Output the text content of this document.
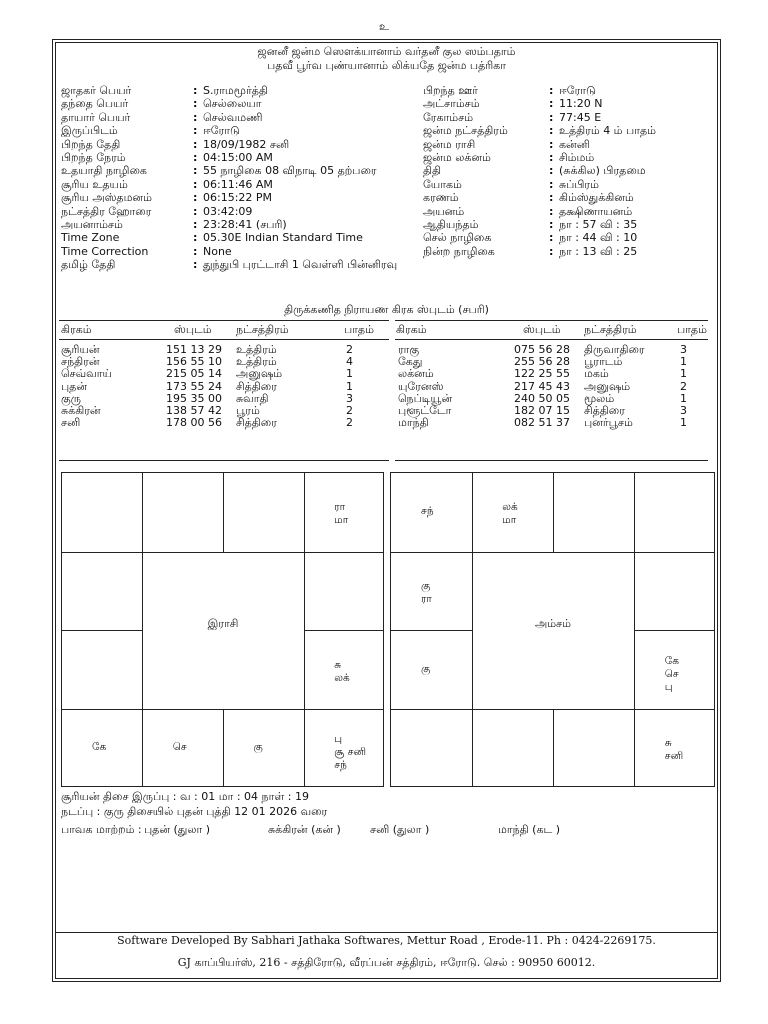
உ
ஜனனீ ஜன்ம ஸௌக்யானாம் வர்தனீ குல ஸம்பதாம்
பதவீ பூர்வ புண்யானாம் லிக்யதே ஜன்ம பத்ரிகா
ஜாதகர் பெயர்	: S.ராமமூர்த்தி
தந்தை பெயர்	: செல்லையா
தாயார் பெயர்	: செல்வமணி
இருப்பிடம்	: ஈரோடு
பிறந்த தேதி	: 18/09/1982 சனி
பிறந்த நேரம்	: 04:15:00 AM
உதயாதி நாழிகை	: 55 நாழிகை 08 விநாடி 05 தற்பரை
சூரிய உதயம்	: 06:11:46 AM
சூரிய அஸ்தமனம்	: 06:15:22 PM
நட்சத்திர ஹோரை	: 03:42:09
அயனாம்சம்	: 23:28:41 (சபரி)
Time Zone	: 05.30E Indian Standard Time
Time Correction	: None
தமிழ் தேதி	: துந்துபி புரட்டாசி 1 வெள்ளி பின்னிரவு
பிறந்த ஊர்	: ஈரோடு
அட்சாம்சம்	: 11:20 N
ரேகாம்சம்	: 77:45 E
ஜன்ம நட்சத்திரம்	: உத்திரம் 4 ம் பாதம்
ஜன்ம ராசி	: கன்னி
ஜன்ம லக்னம்	: சிம்மம்
திதி	: (சுக்கில) பிரதமை
யோகம்	: சுப்பிரம்
கரணம்	: கிம்ஸ்துக்கினம்
அயனம்	: தக்ஷிணாயனம்
ஆதியந்தம்	: நா : 57 வி : 35
செல் நாழிகை	: நா : 44 வி : 10
நின்ற நாழிகை	: நா : 13 வி : 25
திருக்கணித நிராயண கிரக ஸ்புடம் (சபரி)
கிரகம்	ஸ்புடம் நட்சத்திரம்	பாதம் கிரகம்	ஸ்புடம் நட்சத்திரம்	பாதம்
இராசி
ரா
மா
சு
லக்
பு
சூ சனி
சந்
கு
செ
கே
அம்சம்
சந்	லக்
மா
கே
செ
பு
சு
சனி
கு
கு
ரா
சூரியன் திசை இருப்பு : வ : 01 மா : 04 நாள் : 19
நடப்பு : குரு திசையில் புதன் புத்தி 12 01 2026 வரை
பாவக மாற்றம் : புதன் (துலா )	சுக்கிரன் (கன் )	சனி (துலா )	மாந்தி (கட )
Software Developed By Sabhari Jathaka Softwares, Mettur Road , Erode-11. Ph : 0424-2269175.
GJ காப்பியர்ஸ், 216 - சத்திரோடு, வீரப்பன் சத்திரம், ஈரோடு. செல் : 90950 60012.
சூரியன்	151 13 29 உத்திரம்	2
சந்திரன்	156 55 10 உத்திரம்	4
செவ்வாய்	215 05 14 அனுஷம்	1
புதன்	173 55 24 சித்திரை	1
குரு	195 35 00 சுவாதி	3
சுக்கிரன்	138 57 42 பூரம்	2
சனி	178 00 56 சித்திரை	2
ராகு	075 56 28 திருவாதிரை	3
கேது	255 56 28 பூராடம்	1
லக்னம்	122 25 55 மகம்	1
யுரேனஸ்	217 45 43 அனுஷம்	2
நெப்டியூன்	240 50 05 மூலம்	1
புளூட்டோ	182 07 15 சித்திரை	3
மாந்தி	082 51 37 புனர்பூசம்	1
